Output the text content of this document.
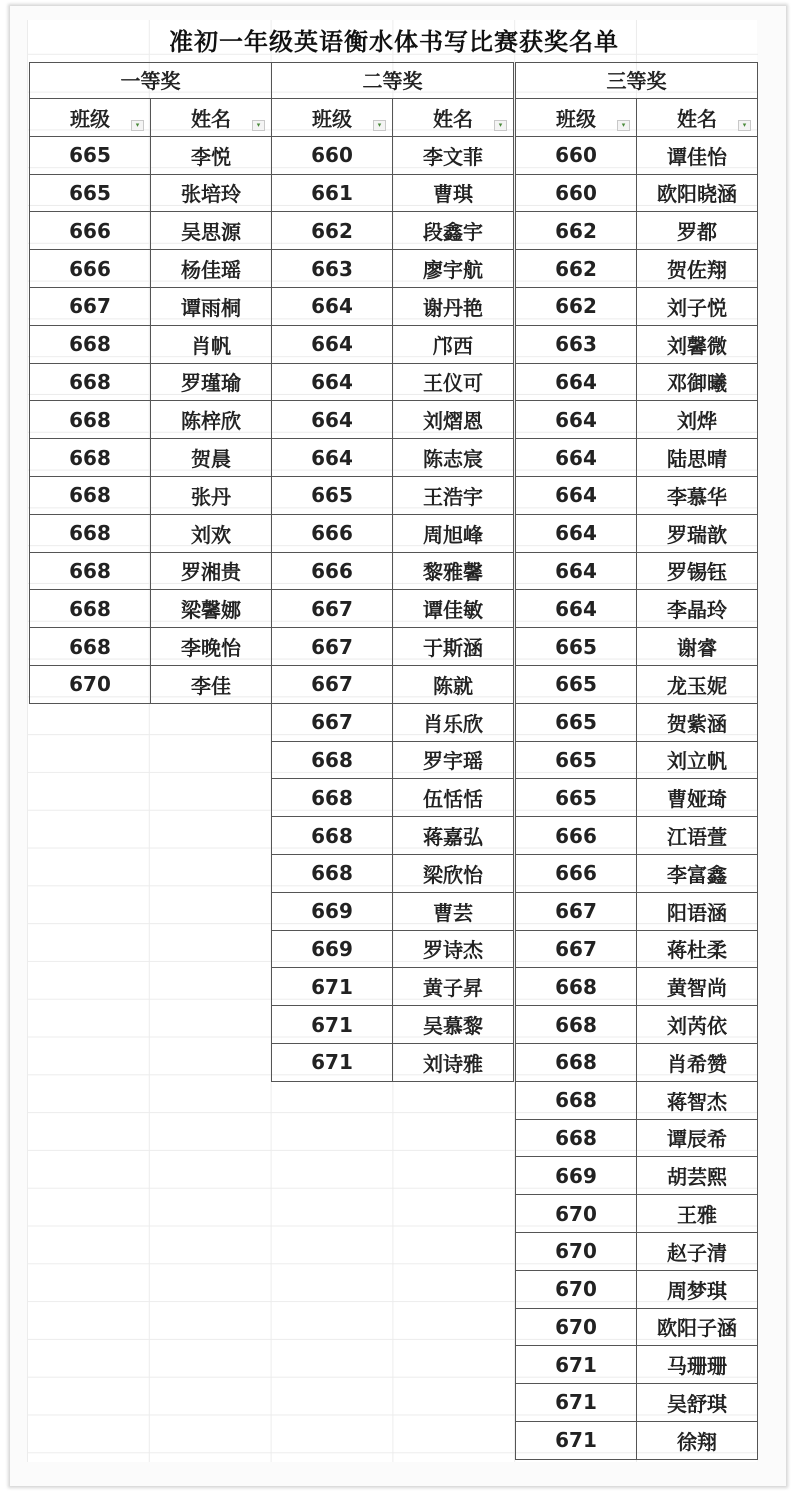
准初一年级英语衡水体书写比赛获奖名单
一等奖
班级	▾	姓名	▾
665	李悦
665	张培玲
666	吴思源
666	杨佳瑶
667	谭雨桐
668	肖帆
668	罗瑾瑜
668	陈梓欣
668	贺晨
668	张丹
668	刘欢
668	罗湘贵
668	梁馨娜
668	李晚怡
670	李佳
二等奖
班级	▾	姓名	▾
660	李文菲
661	曹琪
662	段鑫宇
663	廖宇航
664	谢丹艳
664	邝西
664	王仪可
664	刘熠恩
664	陈志宸
665	王浩宇
666	周旭峰
666	黎雅馨
667	谭佳敏
667	于斯涵
667	陈就
667	肖乐欣
668	罗宇瑶
668	伍恬恬
668	蒋嘉弘
668	梁欣怡
669	曹芸
669	罗诗杰
671	黄子昇
671	吴慕黎
671	刘诗雅
三等奖
班级	▾	姓名	▾
660	谭佳怡
660	欧阳晓涵
662	罗都
662	贺佐翔
662	刘子悦
663	刘馨微
664	邓御曦
664	刘烨
664	陆思晴
664	李慕华
664	罗瑞歆
664	罗锡钰
664	李晶玲
665	谢睿
665	龙玉妮
665	贺紫涵
665	刘立帆
665	曹娅琦
666	江语萱
666	李富鑫
667	阳语涵
667	蒋杜柔
668	黄智尚
668	刘芮依
668	肖希赞
668	蒋智杰
668	谭辰希
669	胡芸熙
670	王雅
670	赵子清
670	周梦琪
670	欧阳子涵
671	马珊珊
671	吴舒琪
671	徐翔
